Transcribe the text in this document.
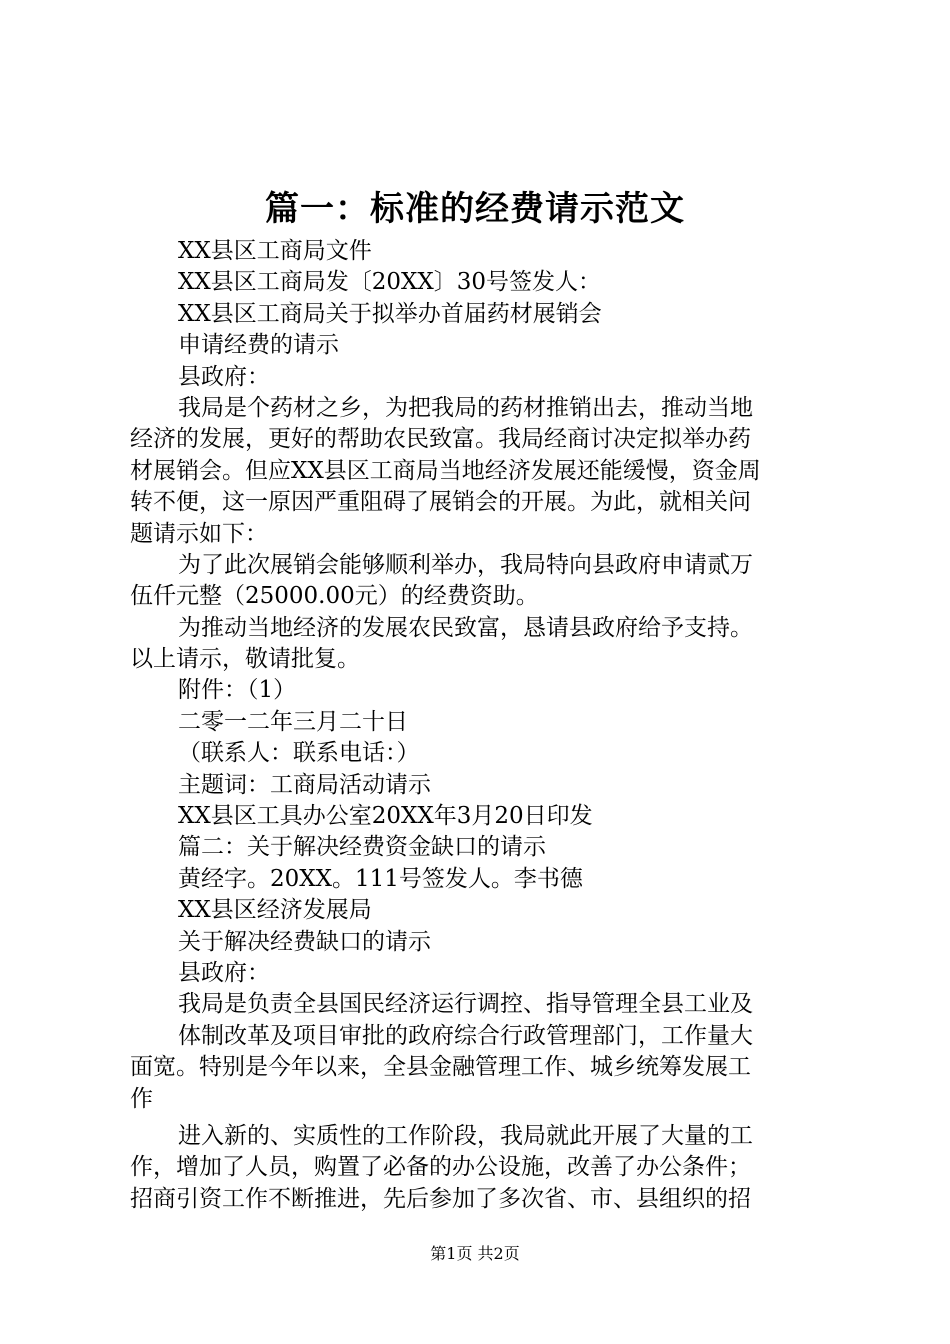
篇一：标准的经费请示范文
XX县区工商局文件
XX县区工商局发〔20XX〕30号签发人：
XX县区工商局关于拟举办首届药材展销会
申请经费的请示
县政府：
我局是个药材之乡，为把我局的药材推销出去，推动当地
经济的发展，更好的帮助农民致富。我局经商讨决定拟举办药
材展销会。但应XX县区工商局当地经济发展还能缓慢，资金周
转不便，这一原因严重阻碍了展销会的开展。为此，就相关问
题请示如下：
为了此次展销会能够顺利举办，我局特向县政府申请贰万
伍仟元整（25000.00元）的经费资助。
为推动当地经济的发展农民致富，恳请县政府给予支持。
以上请示，敬请批复。
附件：（1）
二零一二年三月二十日
（联系人：联系电话：）
主题词：工商局活动请示
XX县区工具办公室20XX年3月20日印发
篇二：关于解决经费资金缺口的请示
黄经字。20XX。111号签发人。李书德
XX县区经济发展局
关于解决经费缺口的请示
县政府：
我局是负责全县国民经济运行调控、指导管理全县工业及
体制改革及项目审批的政府综合行政管理部门，工作量大
面宽。特别是今年以来，全县金融管理工作、城乡统筹发展工
作
进入新的、实质性的工作阶段，我局就此开展了大量的工
作，增加了人员，购置了必备的办公设施，改善了办公条件；
招商引资工作不断推进，先后参加了多次省、市、县组织的招
第1页 共2页
